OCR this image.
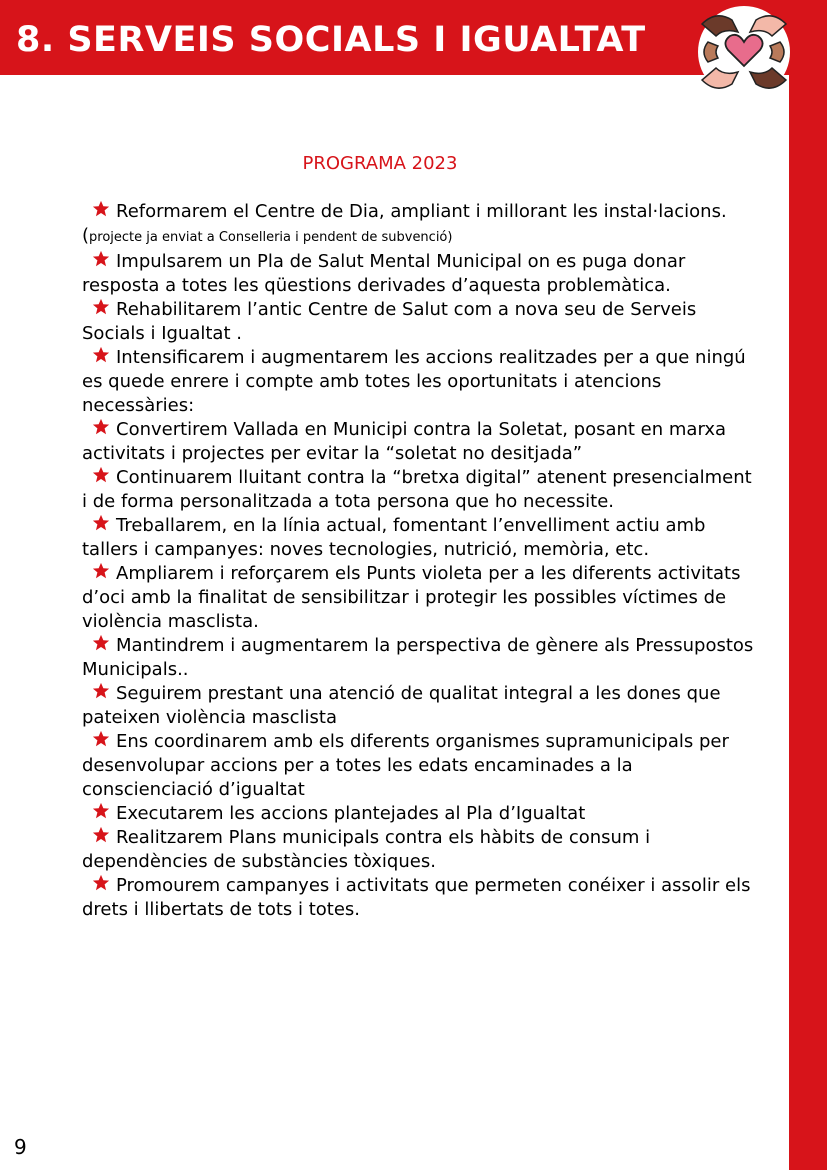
8. SERVEIS SOCIALS I IGUALTAT
PROGRAMA 2023

Reformarem el Centre de Dia, ampliant i millorant les instal·lacions.(projecte ja enviat a Conselleria i pendent de subvenció)

Impulsarem un Pla de Salut Mental Municipal on es puga donar resposta a totes les qüestions derivades d’aquesta problemàtica.

Rehabilitarem l’antic Centre de Salut com a nova seu de Serveis Socials i Igualtat .

Intensificarem i augmentarem les accions realitzades per a que ningú es quede enrere i compte amb totes les oportunitats i atencions necessàries:

Convertirem Vallada en Municipi contra la Soletat, posant en marxa activitats i projectes per evitar la “soletat no desitjada”

Continuarem lluitant contra la “bretxa digital” atenent presencialment i de forma personalitzada a tota persona que ho necessite.

Treballarem, en la línia actual, fomentant l’envelliment actiu amb tallers i campanyes: noves tecnologies, nutrició, memòria, etc.

Ampliarem i reforçarem els Punts violeta per a les diferents activitats d’oci amb la finalitat de sensibilitzar i protegir les possibles víctimes de violència masclista.

Mantindrem i augmentarem la perspectiva de gènere als Pressupostos Municipals..

Seguirem prestant una atenció de qualitat integral a les dones que pateixen violència masclista

Ens coordinarem amb els diferents organismes supramunicipals per desenvolupar accions per a totes les edats encaminades a la conscienciació d’igualtat

Executarem les accions plantejades al Pla d’Igualtat

Realitzarem Plans municipals contra els hàbits de consum i dependències de substàncies tòxiques.

Promourem campanyes i activitats que permeten conéixer i assolir els drets i llibertats de tots i totes.

9
